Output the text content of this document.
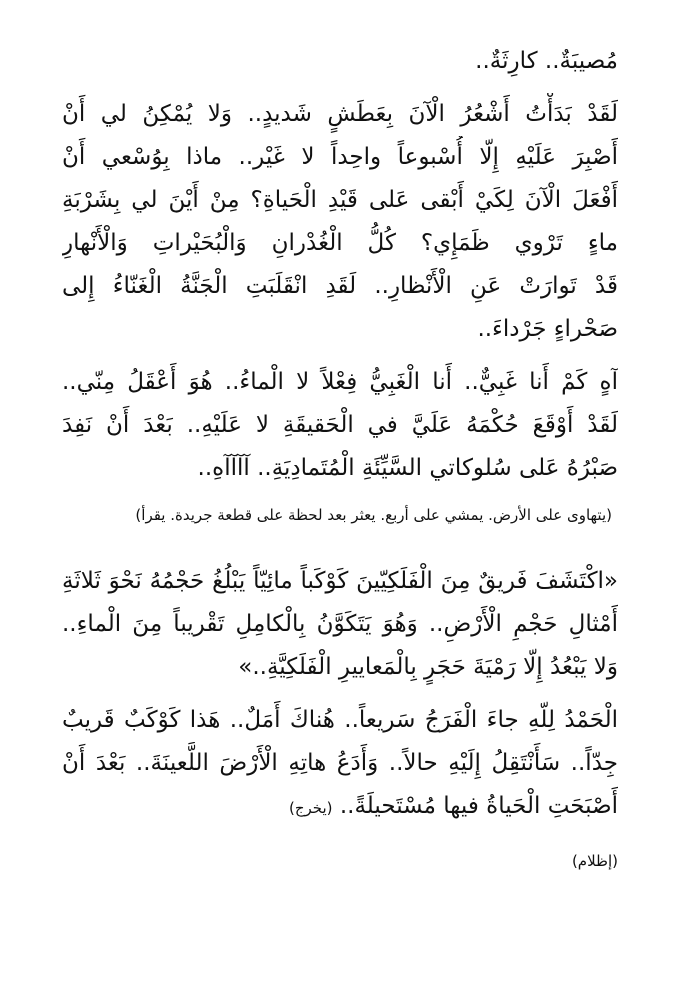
مُصيبَةٌ.. كارِثَةٌ..
لَقَدْ بَدَأْتُ أَشْعُرُ الْآنَ بِعَطَشٍ شَديدٍ.. وَلا يُمْكِنُ لي أَنْ
أَصْبِرَ عَلَيْهِ إِلّا أُسْبوعاً واحِداً لا غَيْر.. ماذا بِوُسْعي أَنْ
أَفْعَلَ الْآنَ لِكَيْ أَبْقى عَلى قَيْدِ الْحَياةِ؟ مِنْ أَيْنَ لي بِشَرْبَةِ
ماءٍ تَرْوي ظَمَإِي؟ كُلُّ الْغُدْرانِ وَالْبُحَيْراتِ وَالْأَنْهارِ
قَدْ تَوارَتْ عَنِ الْأَنْظارِ.. لَقَدِ انْقَلَبَتِ الْجَنَّةُ الْغَنّاءُ إِلى
صَحْراءٍ جَرْداءَ..
آهٍ كَمْ أَنا غَبِيٌّ.. أَنا الْغَبِيُّ فِعْلاً لا الْماءُ.. هُوَ أَعْقَلُ مِنّي..
لَقَدْ أَوْقَعَ حُكْمَهُ عَلَيَّ في الْحَقيقَةِ لا عَلَيْهِ.. بَعْدَ أَنْ نَفِدَ
صَبْرُهُ عَلى سُلوكاتي السَّيِّئَةِ الْمُتَمادِيَةِ.. آآآآهِ..
(يتهاوى على الأرض. يمشي على أربع. يعثر بعد لحظة على قطعة جريدة. يقرأ)
«اكْتَشَفَ فَريقٌ مِنَ الْفَلَكِيّينَ كَوْكَباً مائِيّاً يَبْلُغُ حَجْمُهُ نَحْوَ ثَلاثَةِ
أَمْثالِ حَجْمِ الْأَرْضِ.. وَهُوَ يَتَكَوَّنُ بِالْكامِلِ تَقْريباً مِنَ الْماءِ..
وَلا يَبْعُدُ إِلّا رَمْيَةَ حَجَرٍ بِالْمَعاييرِ الْفَلَكِيَّةِ..»
الْحَمْدُ لِلّهِ جاءَ الْفَرَجُ سَريعاً.. هُناكَ أَمَلٌ.. هَذا كَوْكَبٌ قَريبٌ
جِدّاً.. سَأَنْتَقِلُ إِلَيْهِ حالاً.. وَأَدَعُ هاتِهِ الْأَرْضَ اللَّعينَةَ.. بَعْدَ أَنْ
أَصْبَحَتِ الْحَياةُ فيها مُسْتَحيلَةً.. (يخرج)
(إظلام)
